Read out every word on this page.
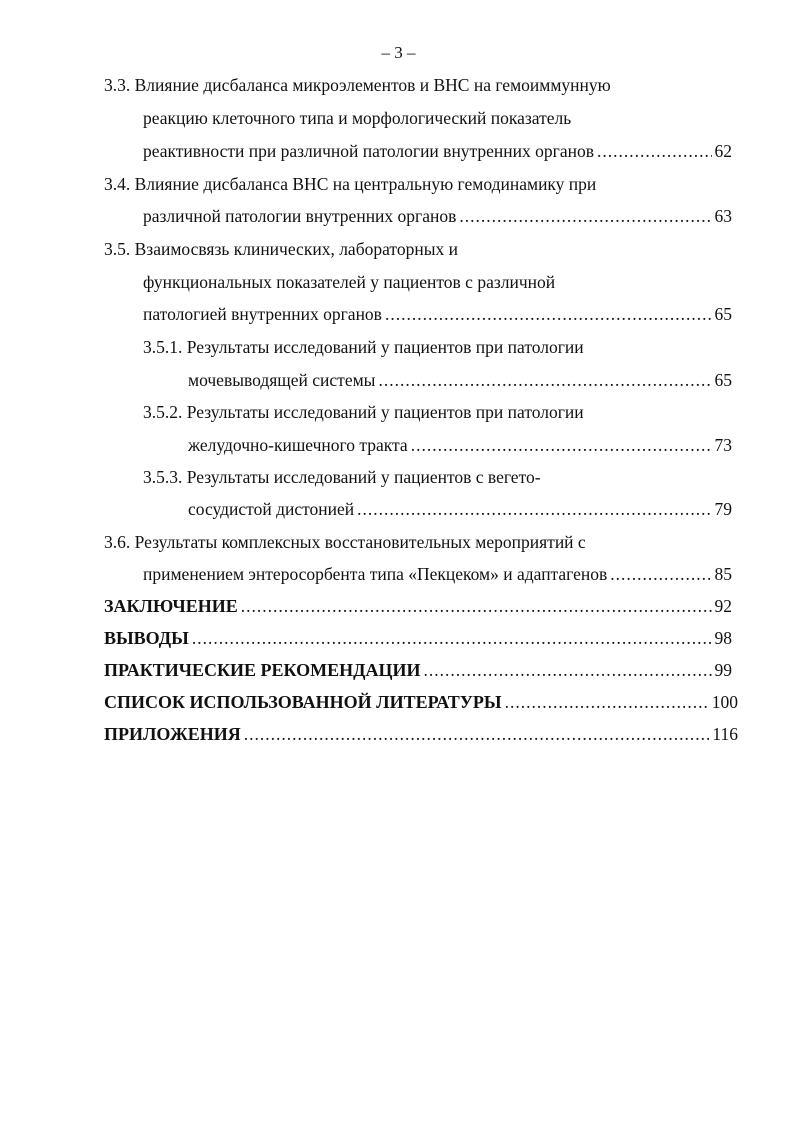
– 3 –
3.3. Влияние дисбаланса микроэлементов и ВНС на гемоиммунную
реакцию клеточного типа и морфологический показатель
реактивности при различной патологии внутренних органов .....	62
3.4. Влияние дисбаланса ВНС на центральную гемодинамику при
различной патологии внутренних органов .....	63
3.5. Взаимосвязь клинических, лабораторных и
функциональных показателей у пациентов с различной
патологией внутренних органов .....	65
3.5.1. Результаты исследований у пациентов при патологии
мочевыводящей системы .....	65
3.5.2. Результаты исследований у пациентов при патологии
желудочно-кишечного тракта .....	73
3.5.3. Результаты исследований у пациентов с вегето-
сосудистой дистонией .....	79
3.6. Результаты комплексных восстановительных мероприятий с
применением энтеросорбента типа «Пекцеком» и адаптагенов .....	85
ЗАКЛЮЧЕНИЕ .....	92
ВЫВОДЫ .....	98
ПРАКТИЧЕСКИЕ РЕКОМЕНДАЦИИ .....	99
СПИСОК ИСПОЛЬЗОВАННОЙ ЛИТЕРАТУРЫ .....	100
ПРИЛОЖЕНИЯ .....	116
